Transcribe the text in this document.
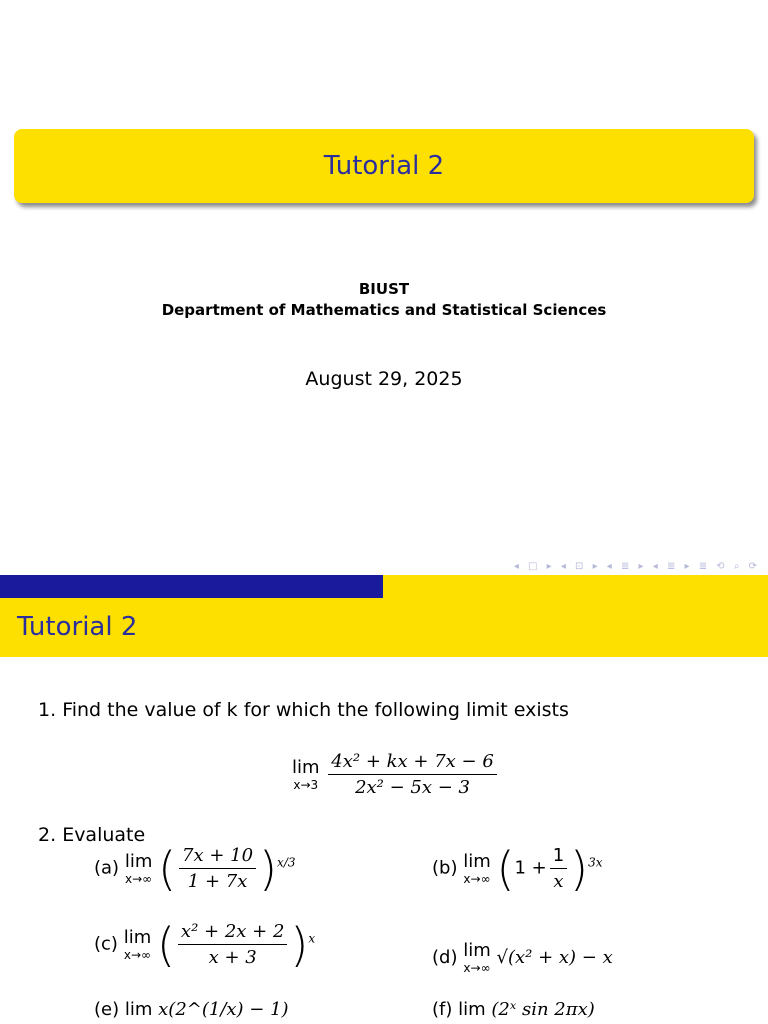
Tutorial 2
BIUST
Department of Mathematics and Statistical Sciences
August 29, 2025
◂ □ ▸ ◂ ⊡ ▸ ◂ ≣ ▸ ◂ ≣ ▸ ≣ ⟲ ⌕ ⟳
Tutorial 2
1. Find the value of k for which the following limit exists
lim
x→3
$\frac{\text{4x² + kx + 7x − 6}}{\text{2x² − 5x − 3}}$
2. Evaluate
(a) lim
x→∞ ( $\frac{7x + 10}{1 + 7x} )^{x/3}$	(b) lim
x→∞ $(1 + \frac{1}{x} )^{3x}$
(c) lim
x→∞ ( $\frac{\text{x² + 2x + 2}}{x + 3} )^x$
(d) lim
x→∞ √(x² + x) − x
(e) lim x(2^(1/x) − 1)	(f) lim (2ˣ sin 2πx)
